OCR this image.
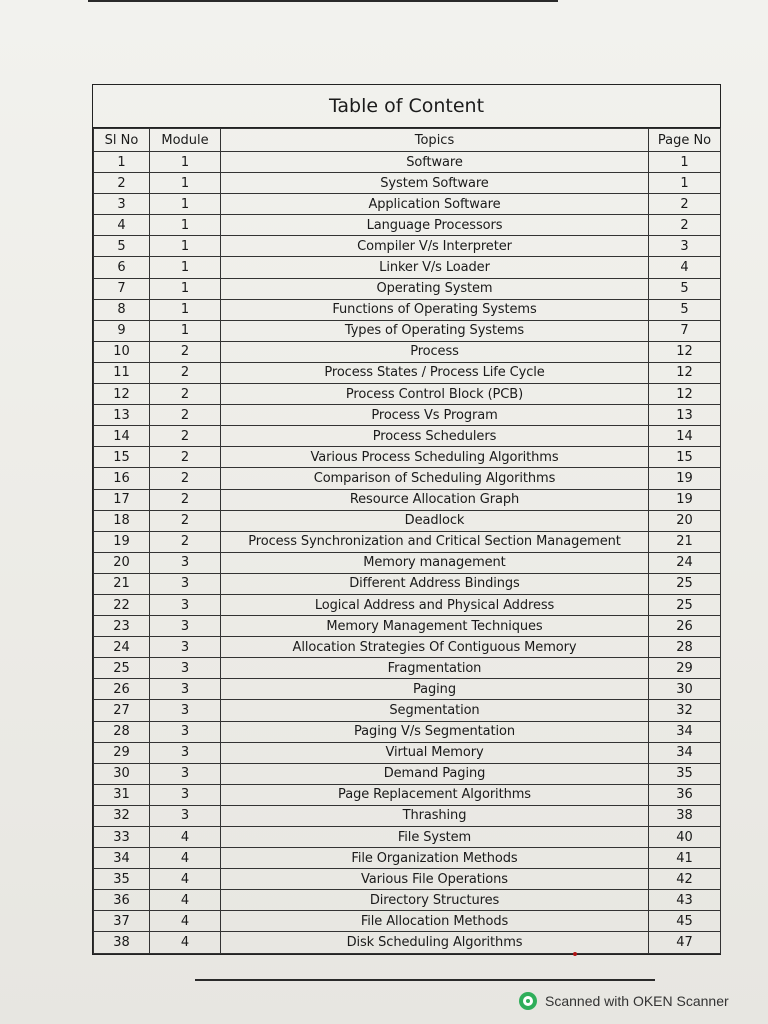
Table of Content
Sl No	Module	Topics	Page No
1	1	Software	1
2	1	System Software	1
3	1	Application Software	2
4	1	Language Processors	2
5	1	Compiler V/s Interpreter	3
6	1	Linker V/s Loader	4
7	1	Operating System	5
8	1	Functions of Operating Systems	5
9	1	Types of Operating Systems	7
10	2	Process	12
11	2	Process States / Process Life Cycle	12
12	2	Process Control Block (PCB)	12
13	2	Process Vs Program	13
14	2	Process Schedulers	14
15	2	Various Process Scheduling Algorithms	15
16	2	Comparison of Scheduling Algorithms	19
17	2	Resource Allocation Graph	19
18	2	Deadlock	20
19	2	Process Synchronization and Critical Section Management	21
20	3	Memory management	24
21	3	Different Address Bindings	25
22	3	Logical Address and Physical Address	25
23	3	Memory Management Techniques	26
24	3	Allocation Strategies Of Contiguous Memory	28
25	3	Fragmentation	29
26	3	Paging	30
27	3	Segmentation	32
28	3	Paging V/s Segmentation	34
29	3	Virtual Memory	34
30	3	Demand Paging	35
31	3	Page Replacement Algorithms	36
32	3	Thrashing	38
33	4	File System	40
34	4	File Organization Methods	41
35	4	Various File Operations	42
36	4	Directory Structures	43
37	4	File Allocation Methods	45
38	4	Disk Scheduling Algorithms	47
Scanned with OKEN Scanner
